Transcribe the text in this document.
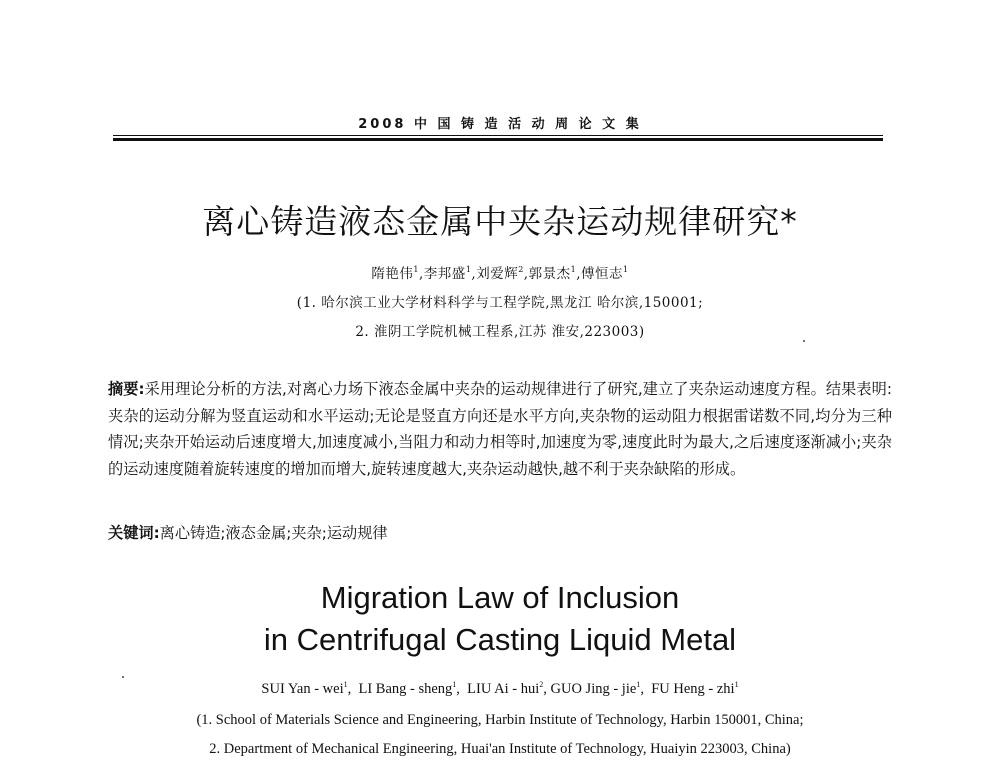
2008 中 国 铸 造 活 动 周 论 文 集
离心铸造液态金属中夹杂运动规律研究*
隋艳伟$^1$,李邦盛$^1$,刘爱辉$^2$,郭景杰$^1$,傅恒志$^1$
(1. 哈尔滨工业大学材料科学与工程学院,黑龙江 哈尔滨,150001;
2. 淮阴工学院机械工程系,江苏 淮安,223003)
摘要:采用理论分析的方法,对离心力场下液态金属中夹杂的运动规律进行了研究,建立了夹杂运动速度方程。结果表明:夹杂的运动分解为竖直运动和水平运动;无论是竖直方向还是水平方向,夹杂物的运动阻力根据雷诺数不同,均分为三种情况;夹杂开始运动后速度增大,加速度减小,当阻力和动力相等时,加速度为零,速度此时为最大,之后速度逐渐减小;夹杂的运动速度随着旋转速度的增加而增大,旋转速度越大,夹杂运动越快,越不利于夹杂缺陷的形成。
关键词:离心铸造;液态金属;夹杂;运动规律
Migration Law of Inclusion
in Centrifugal Casting Liquid Metal
SUI Yan - wei$^1$,  LI Bang - sheng$^1$,  LIU Ai - hui$^2$, GUO Jing - jie$^1$,  FU Heng - zhi$^1$
(1. School of Materials Science and Engineering, Harbin Institute of Technology, Harbin 150001, China;
2. Department of Mechanical Engineering, Huai'an Institute of Technology, Huaiyin 223003, China)
